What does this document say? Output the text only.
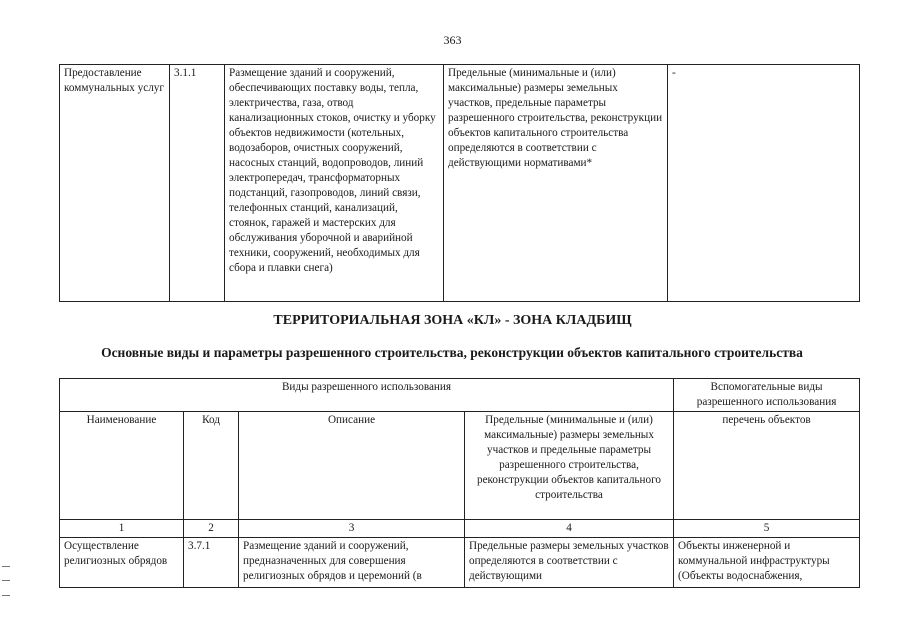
363
Предоставление коммунальных услуг	3.1.1	Размещение зданий и сооружений, обеспечивающих поставку воды, тепла, электричества, газа, отвод канализационных стоков, очистку и уборку объектов недвижимости (котельных, водозаборов, очистных сооружений, насосных станций, водопроводов, линий электропередач, трансформаторных подстанций, газопроводов, линий связи, телефонных станций, канализаций, стоянок, гаражей и мастерских для обслуживания уборочной и аварийной техники, сооружений, необходимых для сбора и плавки снега)	Предельные (минимальные и (или) максимальные) размеры земельных участков, предельные параметры разрешенного строительства, реконструкции объектов капитального строительства определяются в соответствии с действующими нормативами*	-
ТЕРРИТОРИАЛЬНАЯ ЗОНА «КЛ» - ЗОНА КЛАДБИЩ
Основные виды и параметры разрешенного строительства, реконструкции объектов капитального строительства
Виды разрешенного использования				Вспомогательные виды разрешенного использования
Наименование	Код	Описание	Предельные (минимальные и (или) максимальные) размеры земельных участков и предельные параметры разрешенного строительства, реконструкции объектов капитального строительства	перечень объектов
1	2	3	4	5
Осуществление религиозных обрядов	3.7.1	Размещение зданий и сооружений, предназначенных для совершения религиозных обрядов и церемоний (в	Предельные размеры земельных участков определяются в соответствии с действующими	Объекты инженерной и коммунальной инфраструктуры (Объекты водоснабжения,
